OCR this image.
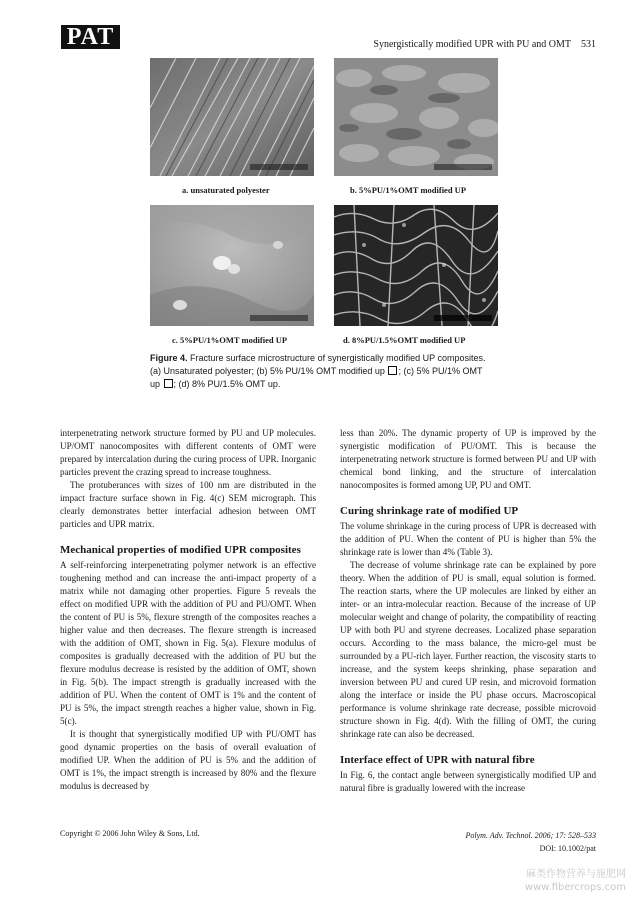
PAT	Synergistically modified UPR with PU and OMT 531
a. unsaturated polyester	b. 5%PU/1%OMT modified UP
c. 5%PU/1%OMT modified UP	d. 8%PU/1.5%OMT modified UP
Figure 4. Fracture surface microstructure of synergistically modified UP composites.
(a) Unsaturated polyester; (b) 5% PU/1% OMT modified up ; (c) 5% PU/1% OMT
up ; (d) 8% PU/1.5% OMT up.

interpenetrating network structure formed by PU and UP molecules. UP/OMT nanocomposites with different contents of OMT were prepared by intercalation during the curing process of UPR. Inorganic particles prevent the crazing spread to increase toughness.

The protuberances with sizes of 100 nm are distributed in the impact fracture surface shown in Fig. 4(c) SEM micrograph. This clearly demonstrates better interfacial adhesion between OMT particles and UPR matrix.

Mechanical properties of modified UPR composites

A self-reinforcing interpenetrating polymer network is an effective toughening method and can increase the anti-impact property of a matrix while not damaging other properties. Figure 5 reveals the effect on modified UPR with the addition of PU and PU/OMT. When the content of PU is 5%, flexure strength of the composites reaches a higher value and then decreases. The flexure strength is increased with the addition of OMT, shown in Fig. 5(a). Flexure modulus of composites is gradually decreased with the addition of PU but the flexure modulus decrease is resisted by the addition of OMT, shown in Fig. 5(b). The impact strength is gradually increased with the addition of PU. When the content of OMT is 1% and the content of PU is 5%, the impact strength reaches a higher value, shown in Fig. 5(c).

It is thought that synergistically modified UP with PU/OMT has good dynamic properties on the basis of overall evaluation of modified UP. When the addition of PU is 5% and the addition of OMT is 1%, the impact strength is increased by 80% and the flexure modulus is decreased by

less than 20%. The dynamic property of UP is improved by the synergistic modification of PU/OMT. This is because the interpenetrating network structure is formed between PU and UP with chemical bond linking, and the structure of intercalation nanocomposites is formed among UP, PU and OMT.

Curing shrinkage rate of modified UP

The volume shrinkage in the curing process of UPR is decreased with the addition of PU. When the content of PU is higher than 5% the shrinkage rate is lower than 4% (Table 3).

The decrease of volume shrinkage rate can be explained by pore theory. When the addition of PU is small, equal solution is formed. The reaction starts, where the UP molecules are linked by either an inter- or an intra-molecular reaction. Because of the increase of UP molecular weight and change of polarity, the compatibility of reacting UP with both PU and styrene decreases. Localized phase separation occurs. According to the mass balance, the micro-gel must be surrounded by a PU-rich layer. Further reaction, the viscosity starts to increase, and the system keeps shrinking, phase separation and inversion between PU and cured UP resin, and microvoid formation along the interface or inside the PU phase occurs. Macroscopical performance is volume shrinkage rate decrease, possible microvoid structure shown in Fig. 4(d). With the filling of OMT, the curing shrinkage rate can also be decreased.

Interface effect of UPR with natural fibre

In Fig. 6, the contact angle between synergistically modified UP and natural fibre is gradually lowered with the increase

Copyright © 2006 John Wiley & Sons, Ltd.	Polym. Adv. Technol. 2006; 17: 528–533
DOI: 10.1002/pat
麻类作物营养与施肥网
www.fibercrops.com
